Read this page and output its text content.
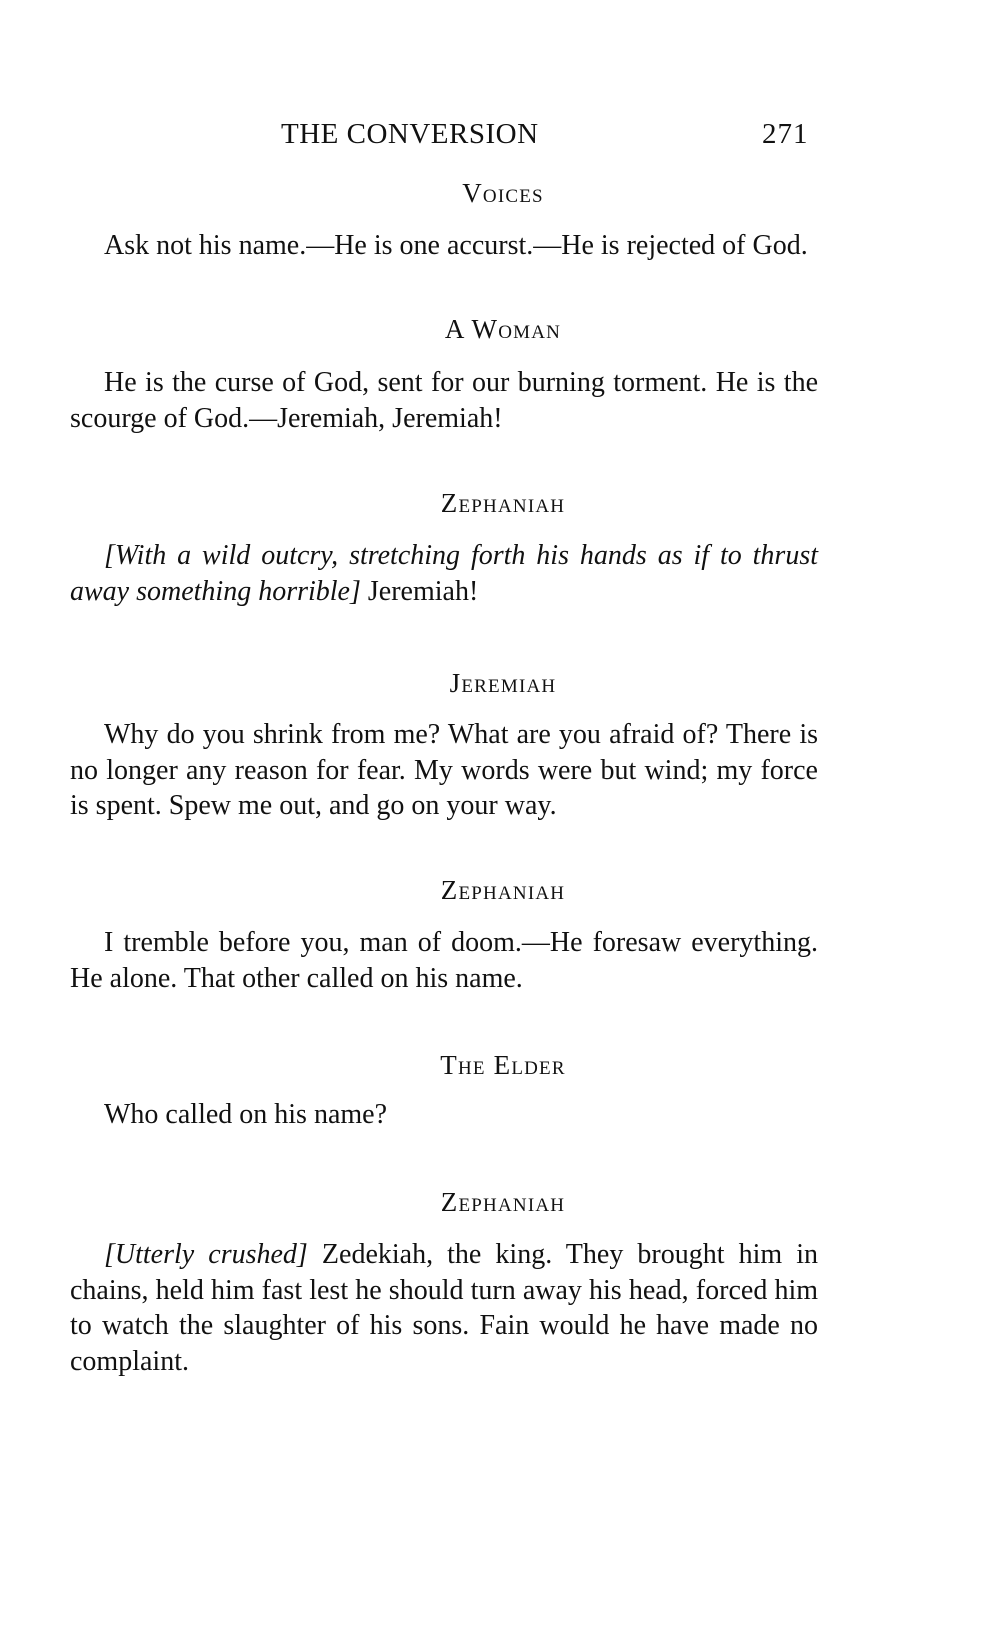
THE CONVERSION	271
Voices

Ask not his name.—He is one accurst.—He is rejected of God.

A Woman

He is the curse of God, sent for our burning torment. He is the scourge of God.—Jeremiah, Jeremiah!

Zephaniah

[With a wild outcry, stretching forth his hands as if to thrust away something horrible] Jeremiah!

Jeremiah

Why do you shrink from me? What are you afraid of? There is no longer any reason for fear. My words were but wind; my force is spent. Spew me out, and go on your way.

Zephaniah

I tremble before you, man of doom.—He foresaw everything. He alone. That other called on his name.

The Elder

Who called on his name?

Zephaniah

[Utterly crushed] Zedekiah, the king. They brought him in chains, held him fast lest he should turn away his head, forced him to watch the slaughter of his sons. Fain would he have made no complaint.
